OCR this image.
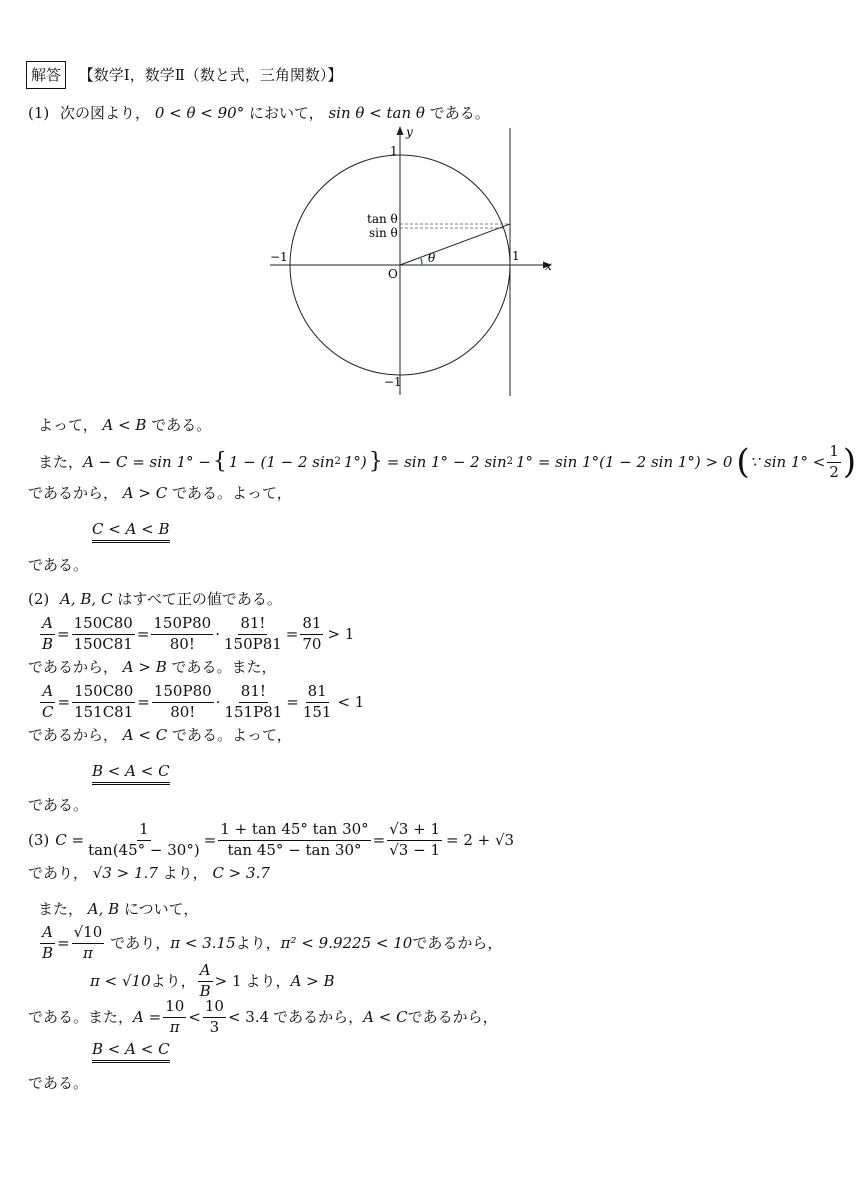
解答 【数学Ⅰ，数学Ⅱ（数と式，三角関数）】
(1) 次の図より， 0 < θ < 90° において， sin θ < tan θ である。
y
x
1
1
−1
−1
O
tan θ
sin θ
θ
よって， A < B である。
また， A − C = sin 1° − { 1 − (1 − 2 sin 2 1°) } = sin 1° − 2 sin 2 1° = sin 1°(1 − 2 sin 1°) > 0 ( ∵ $\sin 1^\circ < \frac{1}{2}$ )
であるから， A > C である。よって，
C < A < B
である。
(2) A, B, C はすべて正の値である。
$\frac{A}{B} = \frac{150C80}{150C81} = \frac{150P80}{80!} \cdot \frac{81!}{150P81} = \frac{81}{70} > 1$
であるから， A > B である。また，
$\frac{A}{C} = \frac{150C80}{151C81} = \frac{150P80}{80!} \cdot \frac{81!}{151P81} = \frac{81}{151} < 1$
であるから， A < C である。よって，
B < A < C
である。
(3) $C = \frac{1}{\tan(45^\circ - 30^\circ)} = \frac{1 + \tan 45^\circ \tan 30^\circ}{\tan 45^\circ - \tan 30^\circ} = \frac{√3 + 1}{√3 - 1} = 2 + √3$
であり， √3 > 1.7 より， C > 3.7
また， A, B について，
$\frac{A}{B} = \frac{√10}{\pi}$ であり， π < 3.15 より， π² < 9.9225 < 10 であるから，
π < √10 より， $\frac{A}{B} > 1$ より， A > B
である。また， $A = \frac{10}{\pi} < \frac{10}{3} < 3.4$ であるから， A < C であるから，
B < A < C
である。
